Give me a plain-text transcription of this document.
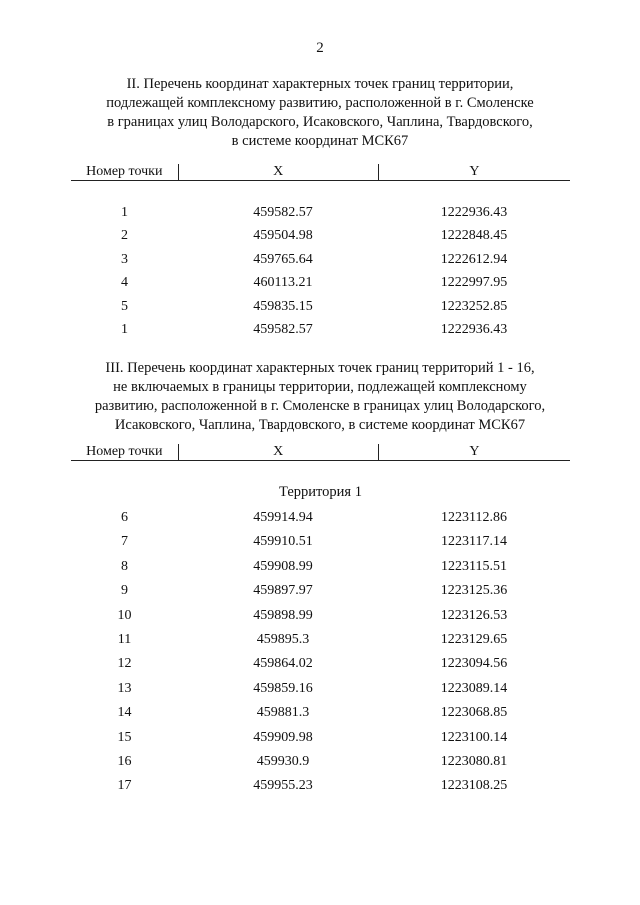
2
II. Перечень координат характерных точек границ территории,
подлежащей комплексному развитию, расположенной в г. Смоленске
в границах улиц Володарского, Исаковского, Чаплина, Твардовского,
в системе координат МСК67
Номер точки	X	Y
1	459582.57	1222936.43
2	459504.98	1222848.45
3	459765.64	1222612.94
4	460113.21	1222997.95
5	459835.15	1223252.85
1	459582.57	1222936.43
III. Перечень координат характерных точек границ территорий 1 - 16,
не включаемых в границы территории, подлежащей комплексному
развитию, расположенной в г. Смоленске в границах улиц Володарского,
Исаковского, Чаплина, Твардовского, в системе координат МСК67
Номер точки	X	Y
Территория 1
6	459914.94	1223112.86
7	459910.51	1223117.14
8	459908.99	1223115.51
9	459897.97	1223125.36
10	459898.99	1223126.53
11	459895.3	1223129.65
12	459864.02	1223094.56
13	459859.16	1223089.14
14	459881.3	1223068.85
15	459909.98	1223100.14
16	459930.9	1223080.81
17	459955.23	1223108.25
